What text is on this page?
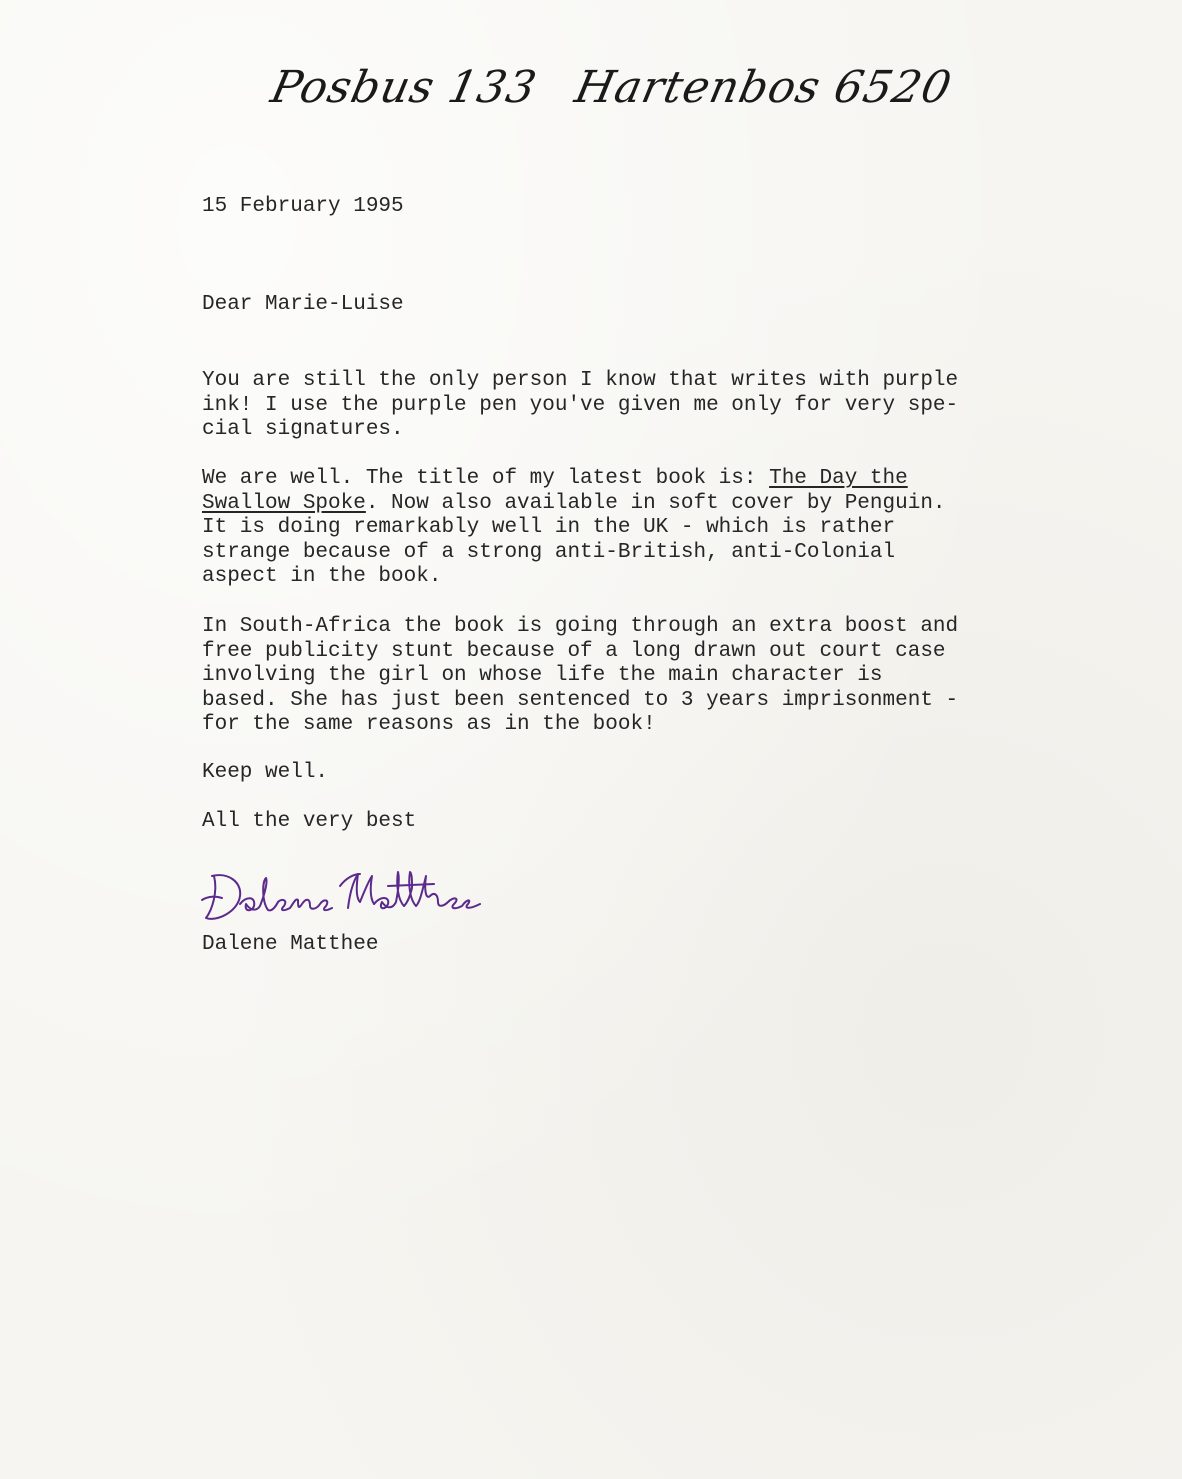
Posbus 133 Hartenbos 6520
15 February 1995
Dear Marie-Luise
You are still the only person I know that writes with purple
ink! I use the purple pen you've given me only for very spe-
cial signatures.
We are well. The title of my latest book is: The Day the
Swallow Spoke. Now also available in soft cover by Penguin.
It is doing remarkably well in the UK - which is rather
strange because of a strong anti-British, anti-Colonial
aspect in the book.
In South-Africa the book is going through an extra boost and
free publicity stunt because of a long drawn out court case
involving the girl on whose life the main character is
based. She has just been sentenced to 3 years imprisonment -
for the same reasons as in the book!
Keep well.
All the very best
Dalene Matthee
